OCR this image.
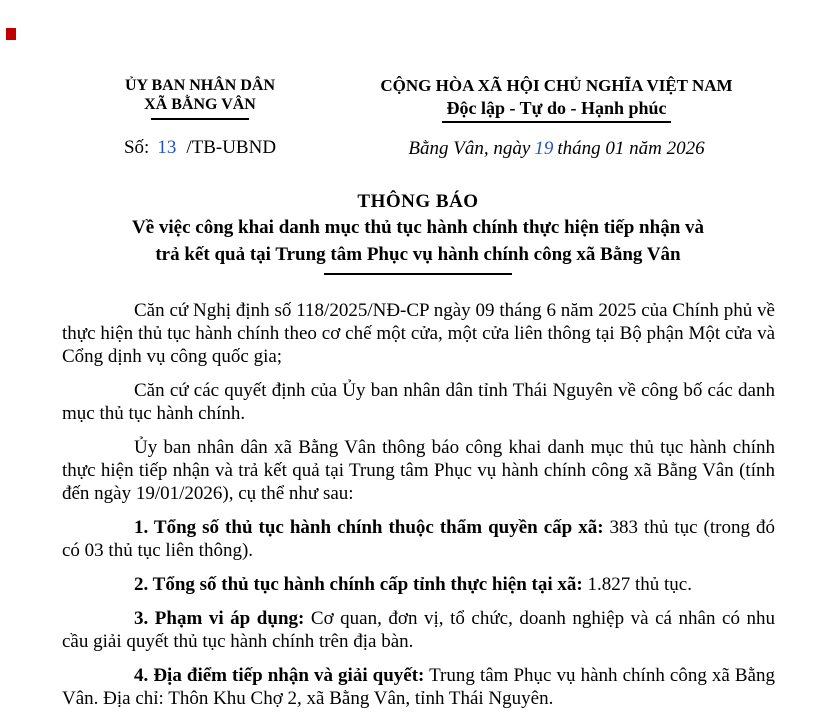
ỦY BAN NHÂN DÂN
XÃ BẰNG VÂN
Số: 13 /TB-UBND
CỘNG HÒA XÃ HỘI CHỦ NGHĨA VIỆT NAM
Độc lập - Tự do - Hạnh phúc
Bằng Vân, ngày 19 tháng 01 năm 2026
THÔNG BÁO
Về việc công khai danh mục thủ tục hành chính thực hiện tiếp nhận và
trả kết quả tại Trung tâm Phục vụ hành chính công xã Bằng Vân

Căn cứ Nghị định số 118/2025/NĐ-CP ngày 09 tháng 6 năm 2025 của Chính phủ về thực hiện thủ tục hành chính theo cơ chế một cửa, một cửa liên thông tại Bộ phận Một cửa và Cổng dịnh vụ công quốc gia;

Căn cứ các quyết định của Ủy ban nhân dân tỉnh Thái Nguyên về công bố các danh mục thủ tục hành chính.

Ủy ban nhân dân xã Bằng Vân thông báo công khai danh mục thủ tục hành chính thực hiện tiếp nhận và trả kết quả tại Trung tâm Phục vụ hành chính công xã Bằng Vân (tính đến ngày 19/01/2026), cụ thể như sau:

1. Tổng số thủ tục hành chính thuộc thẩm quyền cấp xã: 383 thủ tục (trong đó có 03 thủ tục liên thông).

2. Tổng số thủ tục hành chính cấp tỉnh thực hiện tại xã: 1.827 thủ tục.

3. Phạm vi áp dụng: Cơ quan, đơn vị, tổ chức, doanh nghiệp và cá nhân có nhu cầu giải quyết thủ tục hành chính trên địa bàn.

4. Địa điểm tiếp nhận và giải quyết: Trung tâm Phục vụ hành chính công xã Bằng Vân. Địa chỉ: Thôn Khu Chợ 2, xã Bằng Vân, tỉnh Thái Nguyên.
